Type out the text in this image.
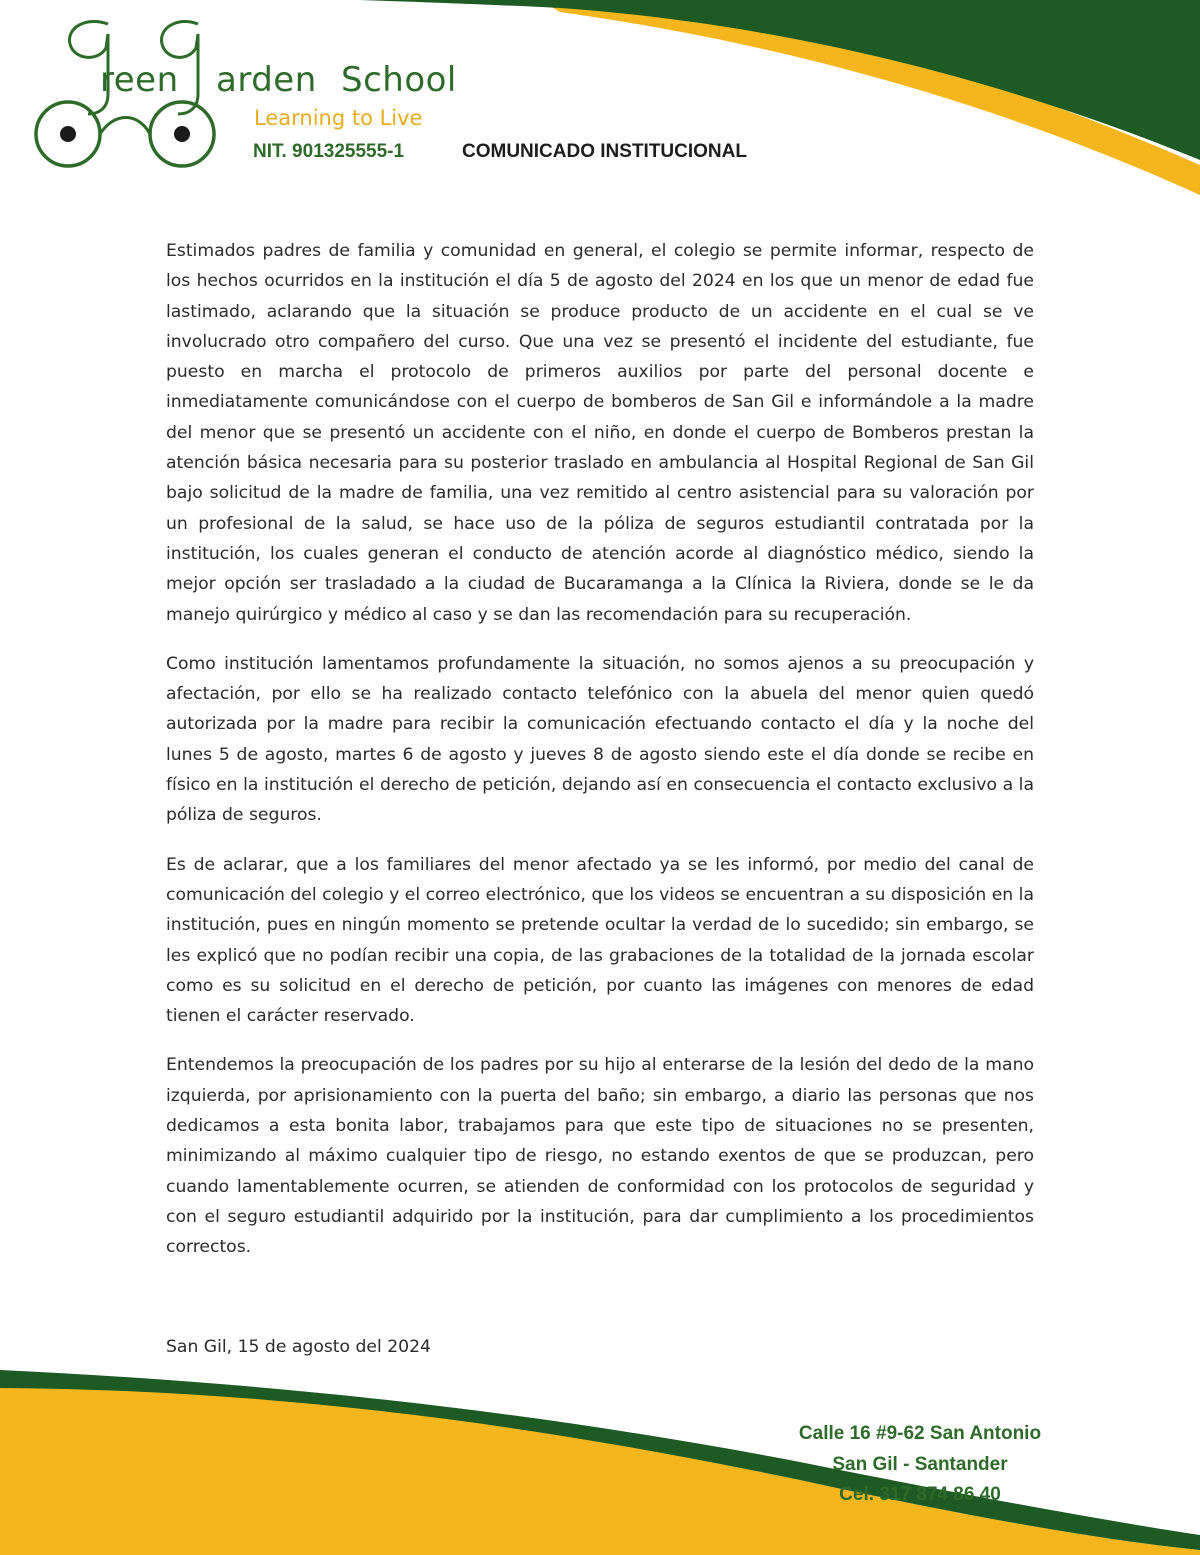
reen arden School
Learning to Live
NIT. 901325555-1	COMUNICADO INSTITUCIONAL

Estimados padres de familia y comunidad en general, el colegio se permite informar, respecto de los hechos ocurridos en la institución el día 5 de agosto del 2024 en los que un menor de edad fue lastimado, aclarando que la situación se produce producto de un accidente en el cual se ve involucrado otro compañero del curso. Que una vez se presentó el incidente del estudiante, fue puesto en marcha el protocolo de primeros auxilios por parte del personal docente e inmediatamente comunicándose con el cuerpo de bomberos de San Gil e informándole a la madre del menor que se presentó un accidente con el niño, en donde el cuerpo de Bomberos prestan la atención básica necesaria para su posterior traslado en ambulancia al Hospital Regional de San Gil bajo solicitud de la madre de familia, una vez remitido al centro asistencial para su valoración por un profesional de la salud, se hace uso de la póliza de seguros estudiantil contratada por la institución, los cuales generan el conducto de atención acorde al diagnóstico médico, siendo la mejor opción ser trasladado a la ciudad de Bucaramanga a la Clínica la Riviera, donde se le da manejo quirúrgico y médico al caso y se dan las recomendación para su recuperación.

Como institución lamentamos profundamente la situación, no somos ajenos a su preocupación y afectación, por ello se ha realizado contacto telefónico con la abuela del menor quien quedó autorizada por la madre para recibir la comunicación efectuando contacto el día y la noche del lunes 5 de agosto, martes 6 de agosto y jueves 8 de agosto siendo este el día donde se recibe en físico en la institución el derecho de petición, dejando así en consecuencia el contacto exclusivo a la póliza de seguros.

Es de aclarar, que a los familiares del menor afectado ya se les informó, por medio del canal de comunicación del colegio y el correo electrónico, que los videos se encuentran a su disposición en la institución, pues en ningún momento se pretende ocultar la verdad de lo sucedido; sin embargo, se les explicó que no podían recibir una copia, de las grabaciones de la totalidad de la jornada escolar como es su solicitud en el derecho de petición, por cuanto las imágenes con menores de edad tienen el carácter reservado.

Entendemos la preocupación de los padres por su hijo al enterarse de la lesión del dedo de la mano izquierda, por aprisionamiento con la puerta del baño; sin embargo, a diario las personas que nos dedicamos a esta bonita labor, trabajamos para que este tipo de situaciones no se presenten, minimizando al máximo cualquier tipo de riesgo, no estando exentos de que se produzcan, pero cuando lamentablemente ocurren, se atienden de conformidad con los protocolos de seguridad y con el seguro estudiantil adquirido por la institución, para dar cumplimiento a los procedimientos correctos.

San Gil, 15 de agosto del 2024
Calle 16 #9-62 San Antonio
San Gil - Santander
Cel. 317 874 86 40
